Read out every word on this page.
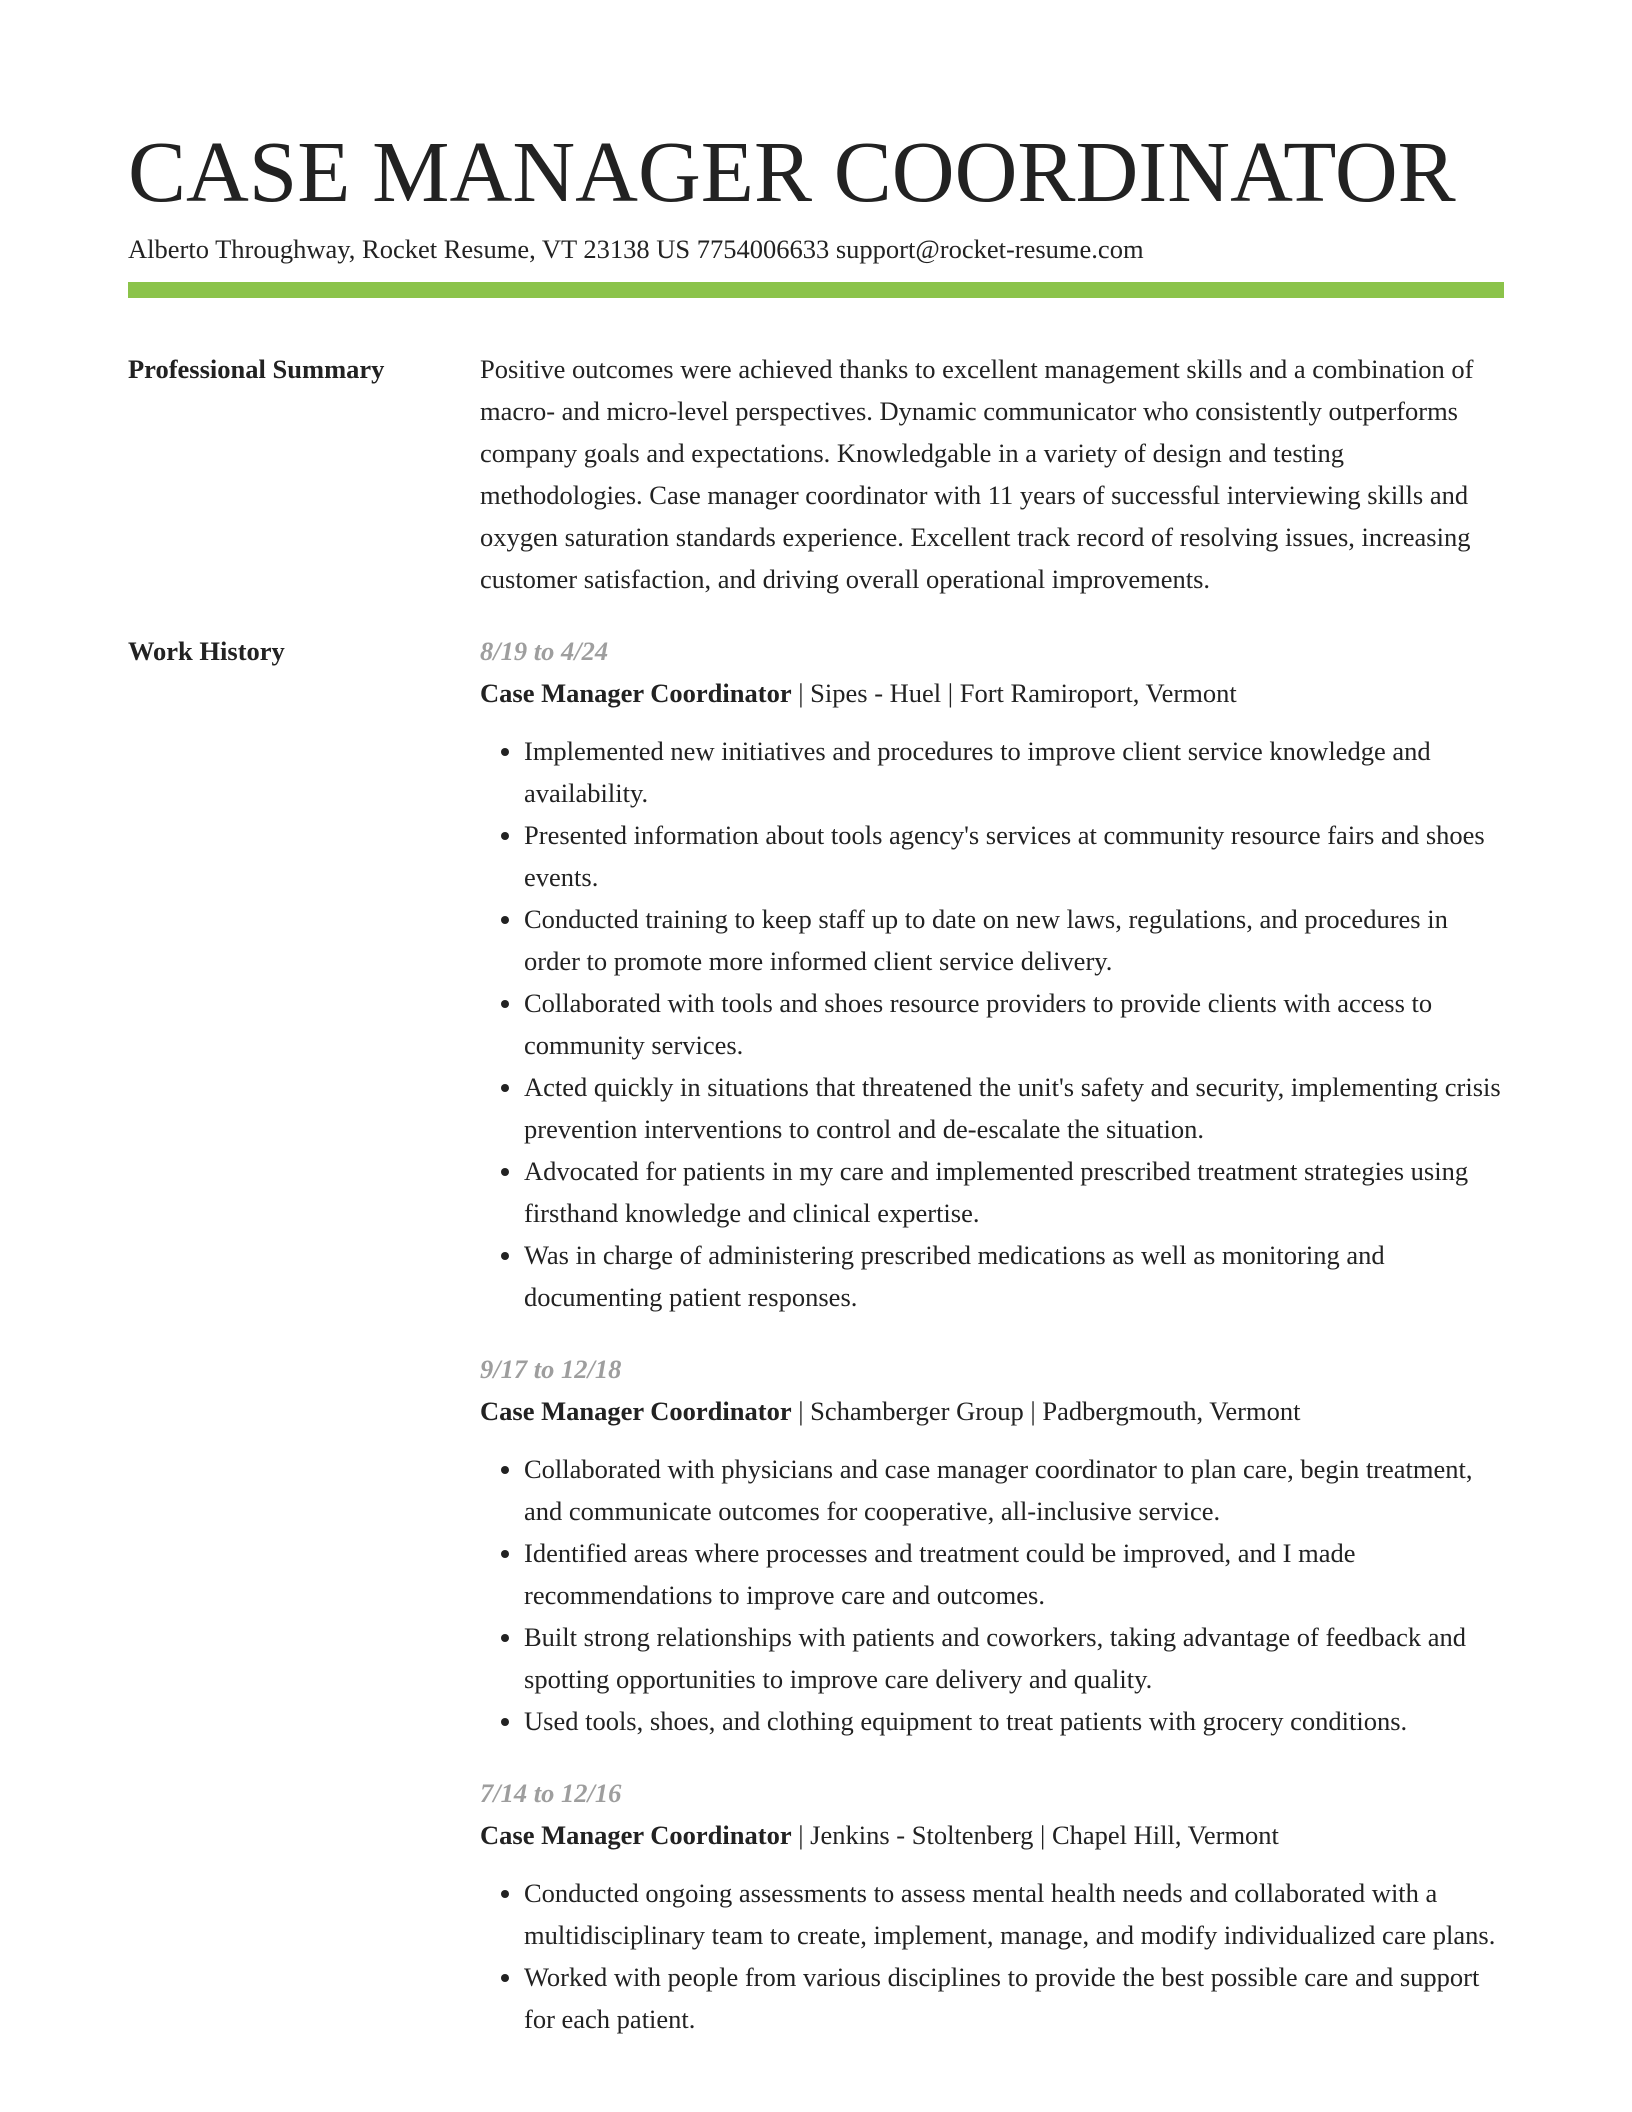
CASE MANAGER COORDINATOR
Alberto Throughway, Rocket Resume, VT 23138 US 7754006633 support@rocket-resume.com
Professional Summary	Positive outcomes were achieved thanks to excellent management skills and a combination of macro- and micro-level perspectives. Dynamic communicator who consistently outperforms company goals and expectations. Knowledgable in a variety of design and testing methodologies. Case manager coordinator with 11 years of successful interviewing skills and oxygen saturation standards experience. Excellent track record of resolving issues, increasing customer satisfaction, and driving overall operational improvements.
Work History	8/19 to 4/24
Case Manager Coordinator | Sipes - Huel | Fort Ramiroport, Vermont
• Implemented new initiatives and procedures to improve client service knowledge and availability.
• Presented information about tools agency's services at community resource fairs and shoes events.
• Conducted training to keep staff up to date on new laws, regulations, and procedures in order to promote more informed client service delivery.
• Collaborated with tools and shoes resource providers to provide clients with access to community services.
• Acted quickly in situations that threatened the unit's safety and security, implementing crisis prevention interventions to control and de-escalate the situation.
• Advocated for patients in my care and implemented prescribed treatment strategies using firsthand knowledge and clinical expertise.
• Was in charge of administering prescribed medications as well as monitoring and documenting patient responses.
9/17 to 12/18
Case Manager Coordinator | Schamberger Group | Padbergmouth, Vermont
• Collaborated with physicians and case manager coordinator to plan care, begin treatment, and communicate outcomes for cooperative, all-inclusive service.
• Identified areas where processes and treatment could be improved, and I made recommendations to improve care and outcomes.
• Built strong relationships with patients and coworkers, taking advantage of feedback and spotting opportunities to improve care delivery and quality.
• Used tools, shoes, and clothing equipment to treat patients with grocery conditions.
7/14 to 12/16
Case Manager Coordinator | Jenkins - Stoltenberg | Chapel Hill, Vermont
• Conducted ongoing assessments to assess mental health needs and collaborated with a multidisciplinary team to create, implement, manage, and modify individualized care plans.
• Worked with people from various disciplines to provide the best possible care and support for each patient.
